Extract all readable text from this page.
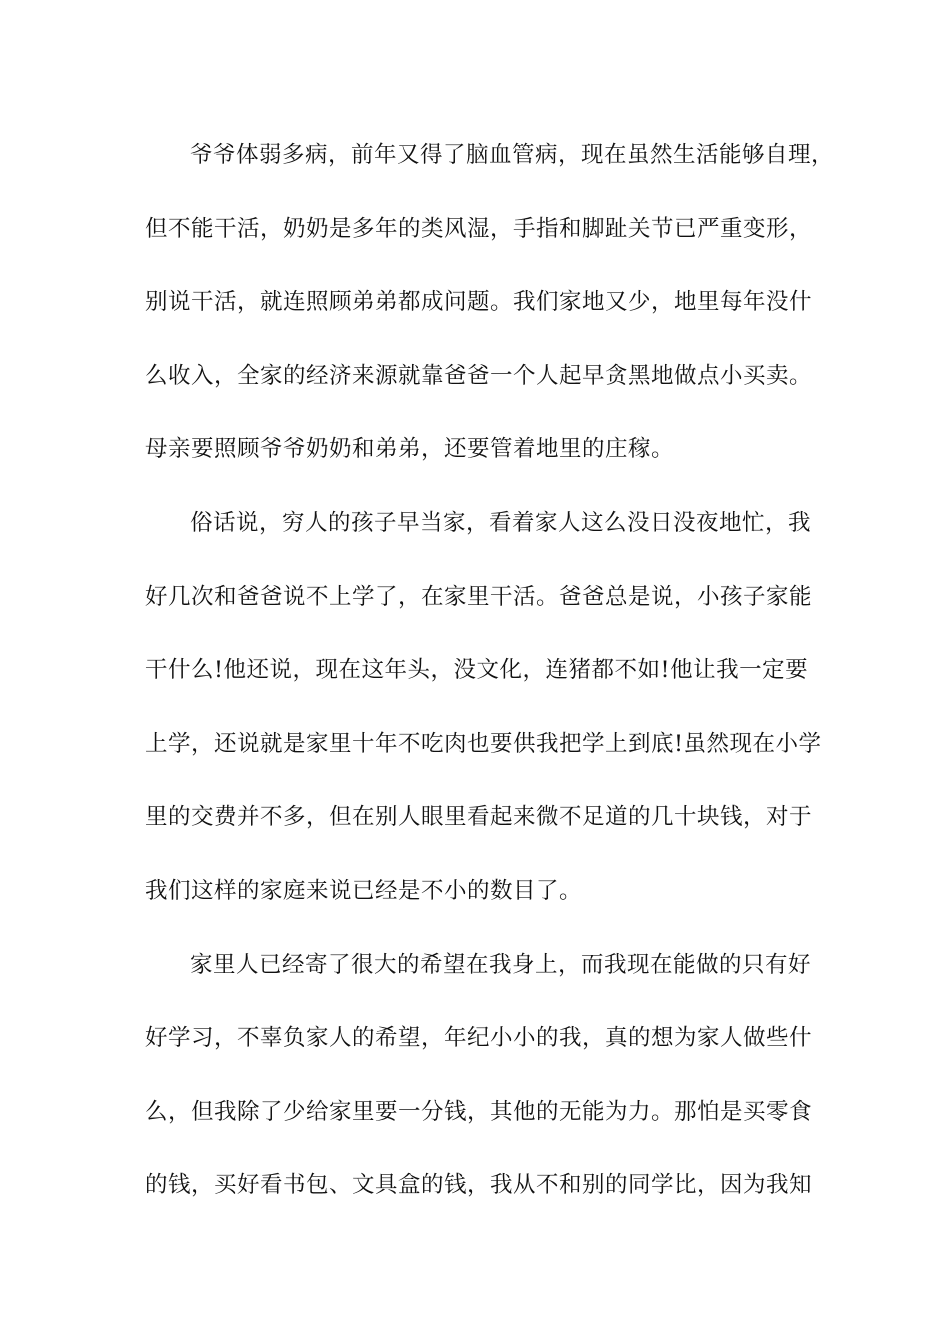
爷爷体弱多病，前年又得了脑血管病，现在虽然生活能够自理，
但不能干活，奶奶是多年的类风湿，手指和脚趾关节已严重变形，
别说干活，就连照顾弟弟都成问题。我们家地又少，地里每年没什
么收入，全家的经济来源就靠爸爸一个人起早贪黑地做点小买卖。
母亲要照顾爷爷奶奶和弟弟，还要管着地里的庄稼。
俗话说，穷人的孩子早当家，看着家人这么没日没夜地忙，我
好几次和爸爸说不上学了，在家里干活。爸爸总是说，小孩子家能
干什么!他还说，现在这年头，没文化，连猪都不如!他让我一定要
上学，还说就是家里十年不吃肉也要供我把学上到底!虽然现在小学
里的交费并不多，但在别人眼里看起来微不足道的几十块钱，对于
我们这样的家庭来说已经是不小的数目了。
家里人已经寄了很大的希望在我身上，而我现在能做的只有好
好学习，不辜负家人的希望，年纪小小的我，真的想为家人做些什
么，但我除了少给家里要一分钱，其他的无能为力。那怕是买零食
的钱，买好看书包、文具盒的钱，我从不和别的同学比，因为我知
